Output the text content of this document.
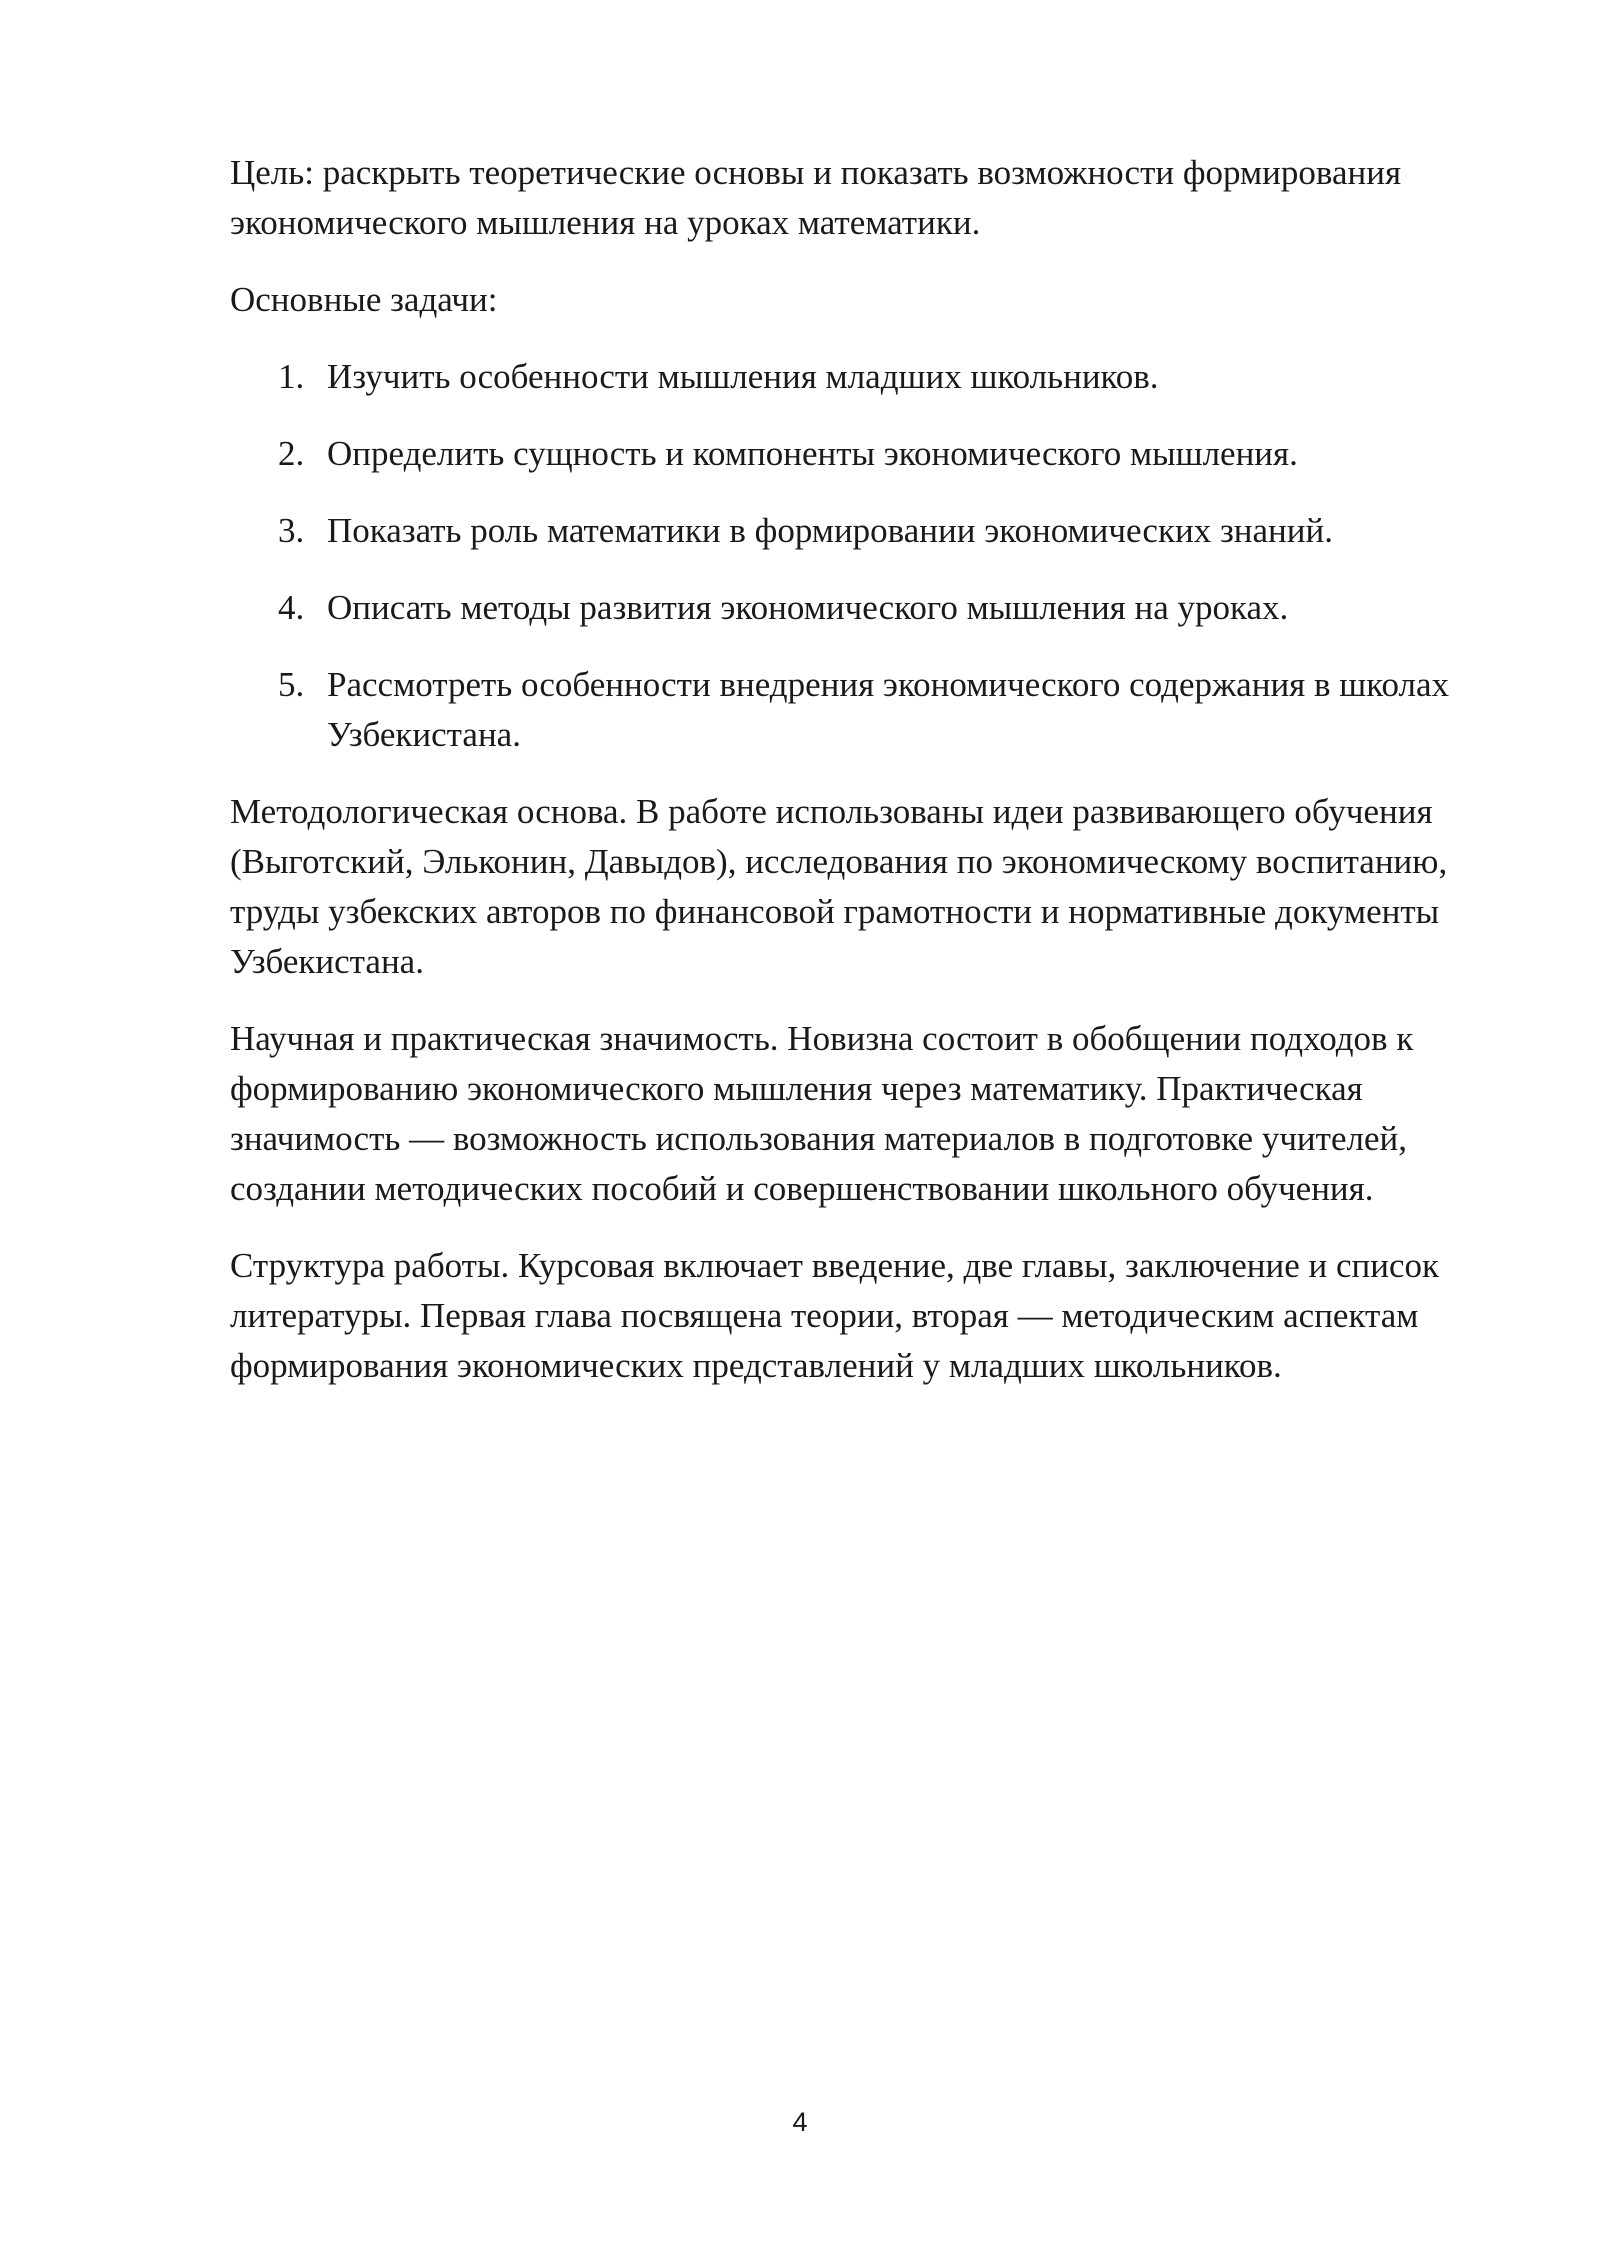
Цель: раскрыть теоретические основы и показать возможности формирования экономического мышления на уроках математики.

Основные задачи:

1. Изучить особенности мышления младших школьников.
2. Определить сущность и компоненты экономического мышления.
3. Показать роль математики в формировании экономических знаний.
4. Описать методы развития экономического мышления на уроках.
5. Рассмотреть особенности внедрения экономического содержания в школах Узбекистана.

Методологическая основа. В работе использованы идеи развивающего обучения (Выготский, Эльконин, Давыдов), исследования по экономическому воспитанию, труды узбекских авторов по финансовой грамотности и нормативные документы Узбекистана.

Научная и практическая значимость. Новизна состоит в обобщении подходов к формированию экономического мышления через математику. Практическая значимость — возможность использования материалов в подготовке учителей, создании методических пособий и совершенствовании школьного обучения.

Структура работы. Курсовая включает введение, две главы, заключение и список литературы. Первая глава посвящена теории, вторая — методическим аспектам формирования экономических представлений у младших школьников.

4
